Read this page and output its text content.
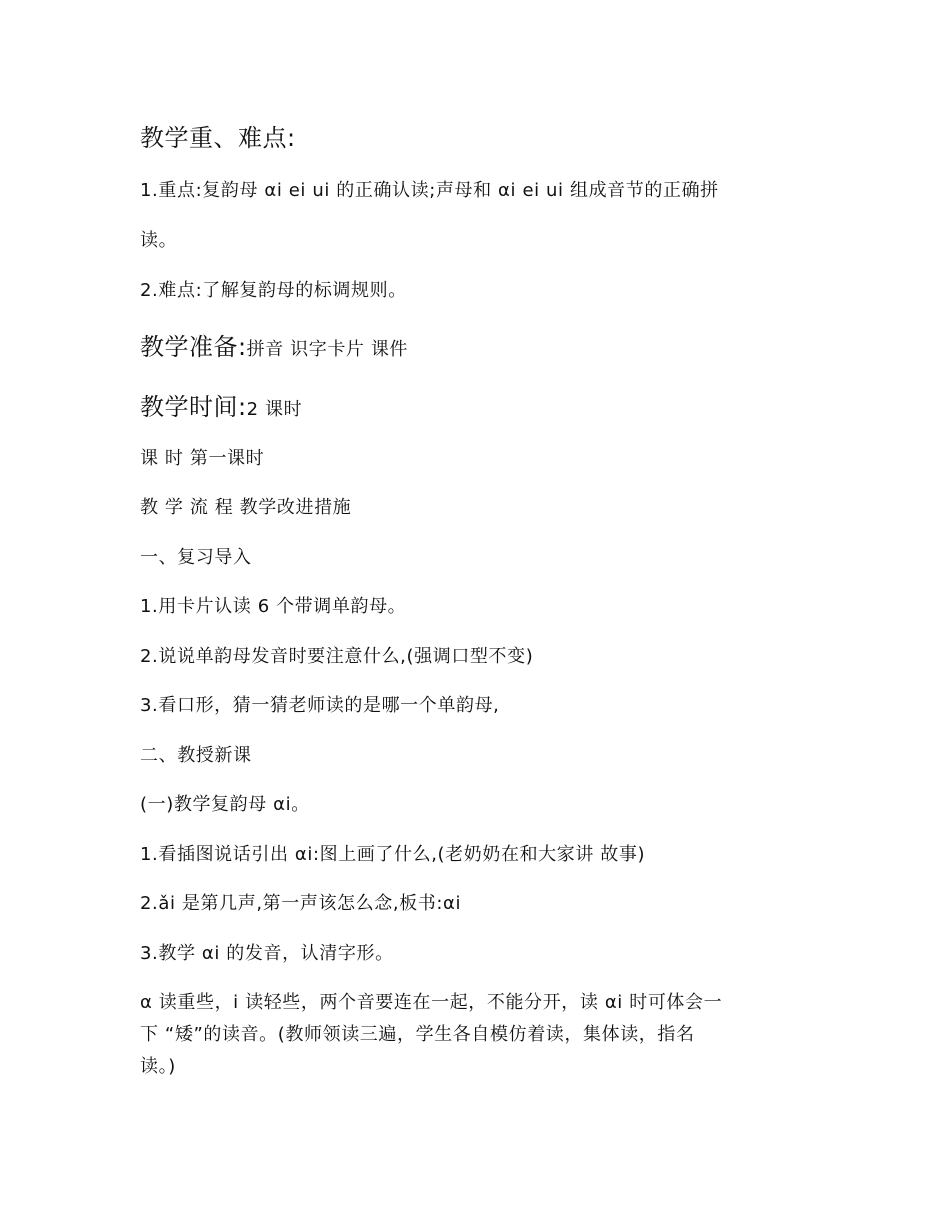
教学重、难点:
1.重点:复韵母 αi ei ui 的正确认读;声母和 αi ei ui 组成音节的正确拼
读。
2.难点:了解复韵母的标调规则。
教学准备:拼音 识字卡片 课件
教学时间:2 课时
课 时 第一课时
教 学 流 程 教学改进措施
一、复习导入
1.用卡片认读 6 个带调单韵母。
2.说说单韵母发音时要注意什么,(强调口型不变)
3.看口形，猜一猜老师读的是哪一个单韵母,
二、教授新课
(一)教学复韵母 αi。
1.看插图说话引出 αi:图上画了什么,(老奶奶在和大家讲 故事)
2.ǎi 是第几声,第一声该怎么念,板书:αi
3.教学 αi 的发音，认清字形。
α 读重些，i 读轻些，两个音要连在一起，不能分开，读 αi 时可体会一
下 “矮”的读音。(教师领读三遍，学生各自模仿着读，集体读，指名
读。)
